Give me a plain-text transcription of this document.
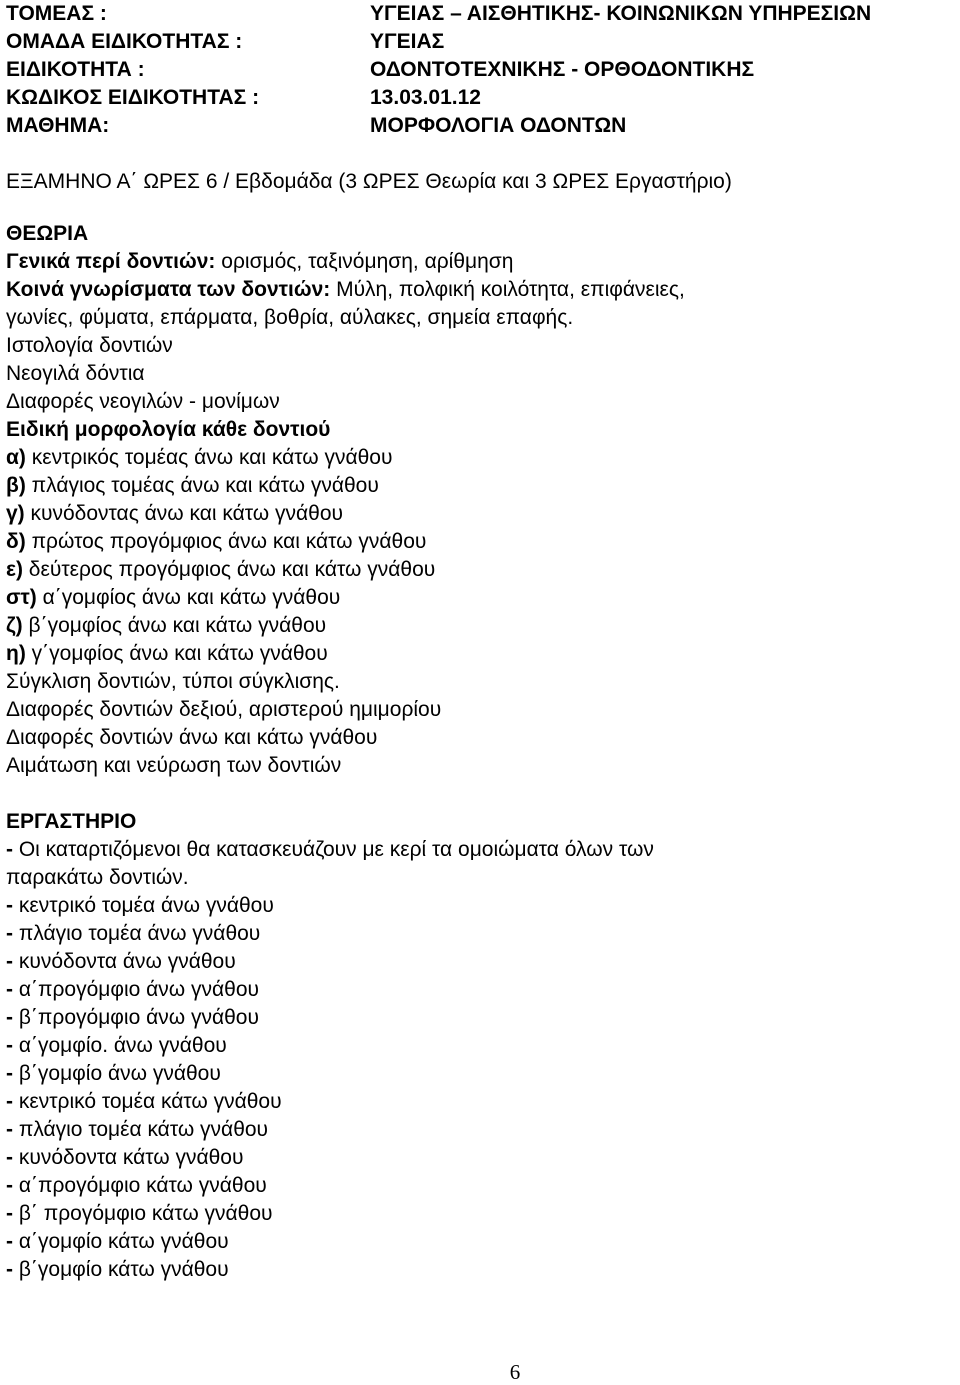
ΤΟΜΕΑΣ :	ΥΓΕΙΑΣ – ΑΙΣΘΗΤΙΚΗΣ- ΚΟΙΝΩΝΙΚΩΝ ΥΠΗΡΕΣΙΩΝ
ΟΜΑΔΑ ΕΙΔΙΚΟΤΗΤΑΣ :	ΥΓΕΙΑΣ
ΕΙΔΙΚΟΤΗΤΑ :	ΟΔΟΝΤΟΤΕΧΝΙΚΗΣ - ΟΡΘΟΔΟΝΤΙΚΗΣ
ΚΩΔΙΚΟΣ ΕΙΔΙΚΟΤΗΤΑΣ :	13.03.01.12
ΜΑΘΗΜΑ:	ΜΟΡΦΟΛΟΓΙΑ ΟΔΟΝΤΩΝ
ΕΞΑΜΗΝΟ Α΄ ΩΡΕΣ 6 / Εβδομάδα (3 ΩΡΕΣ Θεωρία και 3 ΩΡΕΣ Εργαστήριο)
ΘΕΩΡΙΑ
Γενικά περί δοντιών: ορισμός, ταξινόμηση, αρίθμηση
Κοινά γνωρίσματα των δοντιών: Μύλη, πολφική κοιλότητα, επιφάνειες,
γωνίες, φύματα, επάρματα, βοθρία, αύλακες, σημεία επαφής.
Ιστολογία δοντιών
Νεογιλά δόντια
Διαφορές νεογιλών - μονίμων
Ειδική μορφολογία κάθε δοντιού
α) κεντρικός τομέας άνω και κάτω γνάθου
β) πλάγιος τομέας άνω και κάτω γνάθου
γ) κυνόδοντας άνω και κάτω γνάθου
δ) πρώτος προγόμφιος άνω και κάτω γνάθου
ε) δεύτερος προγόμφιος άνω και κάτω γνάθου
στ) α΄γομφίος άνω και κάτω γνάθου
ζ) β΄γομφίος άνω και κάτω γνάθου
η) γ΄γομφίος άνω και κάτω γνάθου
Σύγκλιση δοντιών, τύποι σύγκλισης.
Διαφορές δοντιών δεξιού, αριστερού ημιμορίου
Διαφορές δοντιών άνω και κάτω γνάθου
Αιμάτωση και νεύρωση των δοντιών
ΕΡΓΑΣΤΗΡΙΟ
- Οι καταρτιζόμενοι θα κατασκευάζουν με κερί τα ομοιώματα όλων των
παρακάτω δοντιών.
- κεντρικό τομέα άνω γνάθου
- πλάγιο τομέα άνω γνάθου
- κυνόδοντα άνω γνάθου
- α΄προγόμφιο άνω γνάθου
- β΄προγόμφιο άνω γνάθου
- α΄γομφίο. άνω γνάθου
- β΄γομφίο άνω γνάθου
- κεντρικό τομέα κάτω γνάθου
- πλάγιο τομέα κάτω γνάθου
- κυνόδοντα κάτω γνάθου
- α΄προγόμφιο κάτω γνάθου
- β΄ προγόμφιο κάτω γνάθου
- α΄γομφίο κάτω γνάθου
- β΄γομφίο κάτω γνάθου
6
